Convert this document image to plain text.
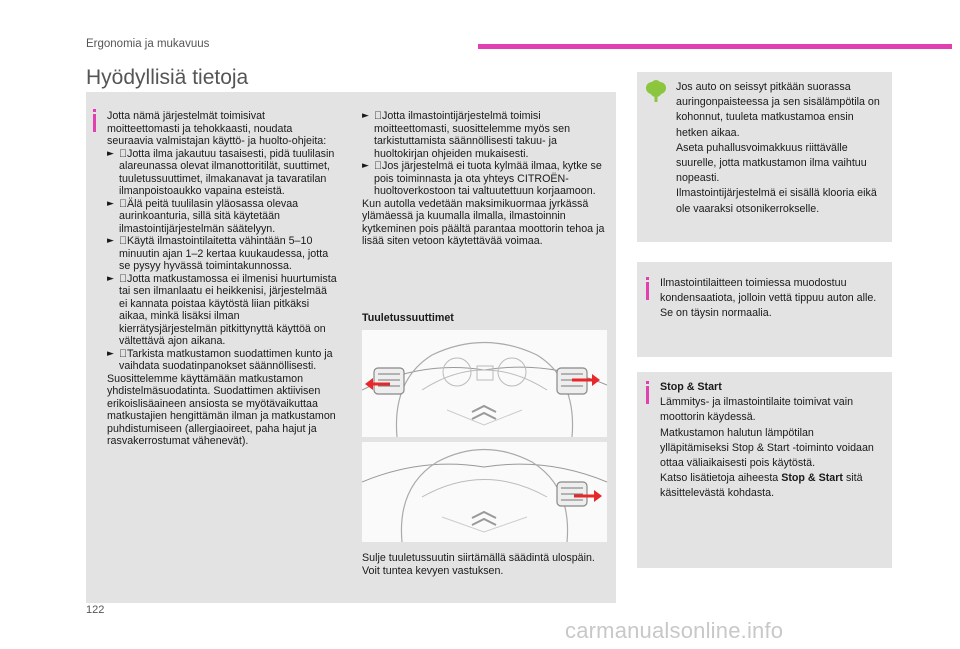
Ergonomia ja mukavuus
Hyödyllisiä tietoja

Jotta nämä järjestelmät toimisivat moitteettomasti ja tehokkaasti, noudata seuraavia valmistajan käyttö- ja huolto-ohjeita:

► Jotta ilma jakautuu tasaisesti, pidä tuulilasin alareunassa olevat ilmanottoritilät, suuttimet, tuuletussuuttimet, ilmakanavat ja tavaratilan ilmanpoistoaukko vapaina esteistä.
► Älä peitä tuulilasin yläosassa olevaa aurinkoanturia, sillä sitä käytetään ilmastointijärjestelmän säätelyyn.
► Käytä ilmastointilaitetta vähintään 5–10 minuutin ajan 1–2 kertaa kuukaudessa, jotta se pysyy hyvässä toimintakunnossa.
► Jotta matkustamossa ei ilmenisi huurtumista tai sen ilmanlaatu ei heikkenisi, järjestelmää ei kannata poistaa käytöstä liian pitkäksi aikaa, minkä lisäksi ilman kierrätysjärjestelmän pitkittynyttä käyttöä on vältettävä ajon aikana.
► Tarkista matkustamon suodattimen kunto ja vaihdata suodatinpanokset säännöllisesti.

Suosittelemme käyttämään matkustamon yhdistelmäsuodatinta. Suodattimen aktiivisen erikoislisäaineen ansiosta se myötävaikuttaa matkustajien hengittämän ilman ja matkustamon puhdistumiseen (allergiaoireet, paha hajut ja rasvakerrostumat vähenevät).

► Jotta ilmastointijärjestelmä toimisi moitteettomasti, suosittelemme myös sen tarkistuttamista säännöllisesti takuu- ja huoltokirjan ohjeiden mukaisesti.
► Jos järjestelmä ei tuota kylmää ilmaa, kytke se pois toiminnasta ja ota yhteys CITROËN-huoltoverkostoon tai valtuutettuun korjaamoon.

Kun autolla vedetään maksimikuormaa jyrkässä ylämäessä ja kuumalla ilmalla, ilmastoinnin kytkeminen pois päältä parantaa moottorin tehoa ja lisää siten vetoon käytettävää voimaa.

Tuuletussuuttimet
Sulje tuuletussuutin siirtämällä säädintä ulospäin. Voit tuntea kevyen vastuksen.

Jos auto on seissyt pitkään suorassa auringonpaisteessa ja sen sisälämpötila on kohonnut, tuuleta matkustamoa ensin hetken aikaa.

Aseta puhallusvoimakkuus riittävälle suurelle, jotta matkustamon ilma vaihtuu nopeasti.

Ilmastointijärjestelmä ei sisällä klooria eikä ole vaaraksi otsonikerrokselle.

Ilmastointilaitteen toimiessa muodostuu kondensaatiota, jolloin vettä tippuu auton alle. Se on täysin normaalia.

Stop & Start

Lämmitys- ja ilmastointilaite toimivat vain moottorin käydessä.

Matkustamon halutun lämpötilan ylläpitämiseksi Stop & Start -toiminto voidaan ottaa väliaikaisesti pois käytöstä.

Katso lisätietoja aiheesta Stop & Start sitä käsittelevästä kohdasta.

122
carmanualsonline.info
